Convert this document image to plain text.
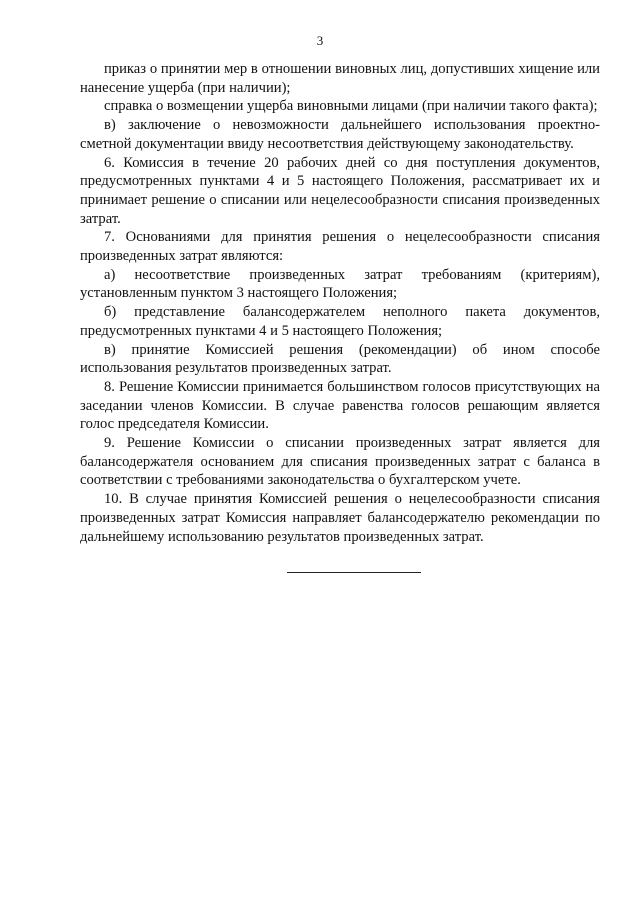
3

приказ о принятии мер в отношении виновных лиц, допустивших хищение или нанесение ущерба (при наличии);

справка о возмещении ущерба виновными лицами (при наличии такого факта);

в) заключение о невозможности дальнейшего использования проектно-сметной документации ввиду несоответствия действующему законодательству.

6. Комиссия в течение 20 рабочих дней со дня поступления документов, предусмотренных пунктами 4 и 5 настоящего Положения, рассматривает их и принимает решение о списании или нецелесообразности списания произведенных затрат.

7. Основаниями для принятия решения о нецелесообразности списания произведенных затрат являются:

а) несоответствие произведенных затрат требованиям (критериям), установленным пунктом 3 настоящего Положения;

б) представление балансодержателем неполного пакета документов, предусмотренных пунктами 4 и 5 настоящего Положения;

в) принятие Комиссией решения (рекомендации) об ином способе использования результатов произведенных затрат.

8. Решение Комиссии принимается большинством голосов присутствующих на заседании членов Комиссии. В случае равенства голосов решающим является голос председателя Комиссии.

9. Решение Комиссии о списании произведенных затрат является для балансодержателя основанием для списания произведенных затрат с баланса в соответствии с требованиями законодательства о бухгалтерском учете.

10. В случае принятия Комиссией решения о нецелесообразности списания произведенных затрат Комиссия направляет балансодержателю рекомендации по дальнейшему использованию результатов произведенных затрат.
